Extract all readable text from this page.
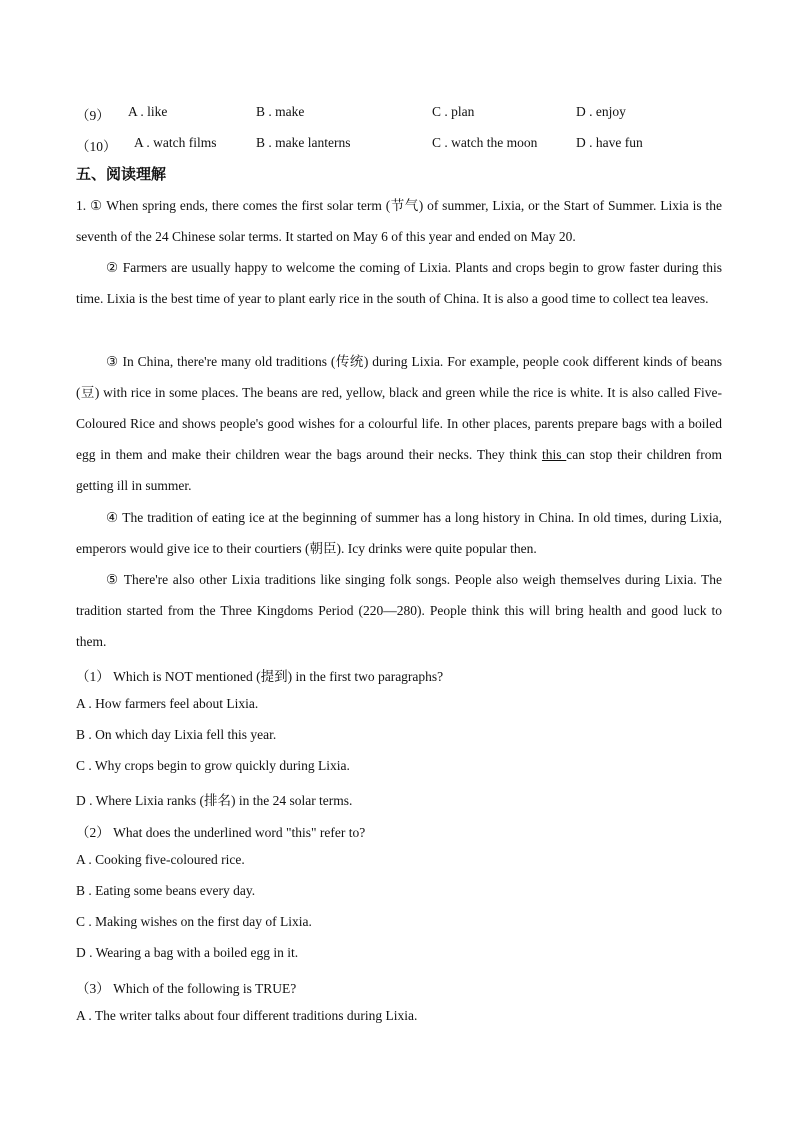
（9） A . like	B . make	C . plan	D . enjoy
（10） A . watch films	B . make lanterns	C . watch the moon	D . have fun
五、阅读理解
1. ① When spring ends, there comes the first solar term (节气) of summer, Lixia, or the Start of Summer. Lixia is the seventh of the 24 Chinese solar terms. It started on May 6 of this year and ended on May 20.
② Farmers are usually happy to welcome the coming of Lixia. Plants and crops begin to grow faster during this time. Lixia is the best time of year to plant early rice in the south of China. It is also a good time to collect tea leaves.
③ In China, there're many old traditions (传统) during Lixia. For example, people cook different kinds of beans (豆) with rice in some places. The beans are red, yellow, black and green while the rice is white. It is also called Five-Coloured Rice and shows people's good wishes for a colourful life. In other places, parents prepare bags with a boiled egg in them and make their children wear the bags around their necks. They think this can stop their children from getting ill in summer.
④ The tradition of eating ice at the beginning of summer has a long history in China. In old times, during Lixia, emperors would give ice to their courtiers (朝臣). Icy drinks were quite popular then.
⑤ There're also other Lixia traditions like singing folk songs. People also weigh themselves during Lixia. The tradition started from the Three Kingdoms Period (220—280). People think this will bring health and good luck to them.
（1） Which is NOT mentioned (提到) in the first two paragraphs?
A . How farmers feel about Lixia.
B . On which day Lixia fell this year.
C . Why crops begin to grow quickly during Lixia.
D . Where Lixia ranks (排名) in the 24 solar terms.
（2） What does the underlined word "this" refer to?
A . Cooking five-coloured rice.
B . Eating some beans every day.
C . Making wishes on the first day of Lixia.
D . Wearing a bag with a boiled egg in it.
（3） Which of the following is TRUE?
A . The writer talks about four different traditions during Lixia.
